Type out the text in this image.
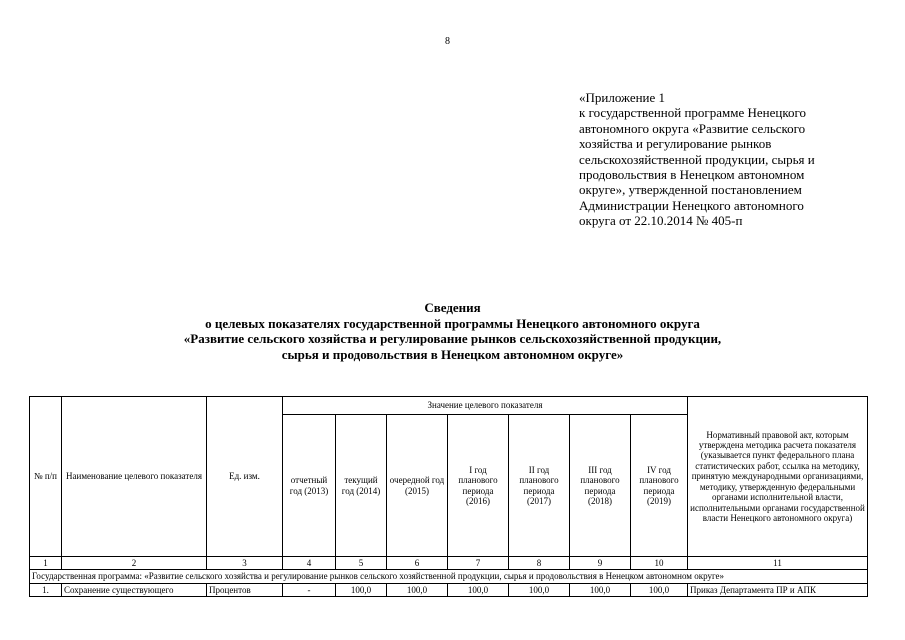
8
«Приложение 1
к государственной программе Ненецкого
автономного округа «Развитие сельского
хозяйства и регулирование рынков
сельскохозяйственной продукции, сырья и
продовольствия в Ненецком автономном
округе», утвержденной постановлением
Администрации Ненецкого автономного
округа от 22.10.2014 № 405-п
Сведения
о целевых показателях государственной программы Ненецкого автономного округа
«Развитие сельского хозяйства и регулирование рынков сельскохозяйственной продукции,
сырья и продовольствия в Ненецком автономном округе»
№ п/п	Наименование целевого показателя	Ед. изм.	Значение целевого показателя							Нормативный правовой акт, которым утверждена методика расчета показателя (указывается пункт федерального плана статистических работ, ссылка на методику, принятую международными организациями, методику, утвержденную федеральными органами исполнительной власти, исполнительными органами государственной власти Ненецкого автономного округа)
			отчетный год (2013)	текущий год (2014)	очередной год (2015)	I год планового периода (2016)	II год планового периода (2017)	III год планового периода (2018)	IV год планового периода (2019)	
1	2	3	4	5	6	7	8	9	10	11
Государственная программа: «Развитие сельского хозяйства и регулирование рынков сельского хозяйственной продукции, сырья и продовольствия в Ненецком автономном округе»										
1.	Сохранение существующего	Процентов	-	100,0	100,0	100,0	100,0	100,0	100,0	Приказ Департамента ПР и АПК
